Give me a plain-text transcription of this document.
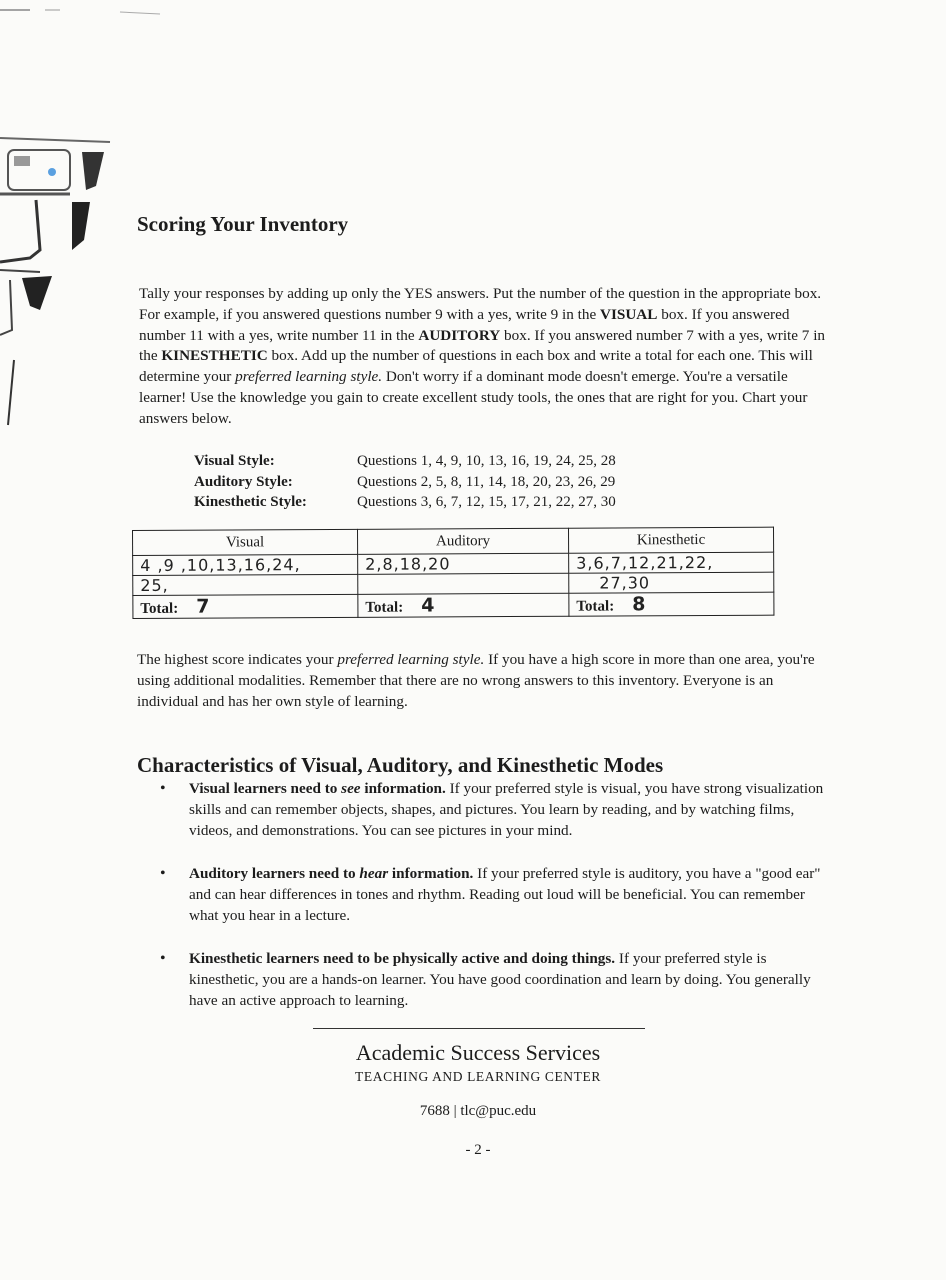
Scoring Your Inventory

Tally your responses by adding up only the YES answers. Put the number of the question in the appropriate box. For example, if you answered questions number 9 with a yes, write 9 in the VISUAL box. If you answered number 11 with a yes, write number 11 in the AUDITORY box. If you answered number 7 with a yes, write 7 in the KINESTHETIC box. Add up the number of questions in each box and write a total for each one. This will determine your preferred learning style. Don't worry if a dominant mode doesn't emerge. You're a versatile learner! Use the knowledge you gain to create excellent study tools, the ones that are right for you. Chart your answers below.

Visual Style:	Questions 1, 4, 9, 10, 13, 16, 19, 24, 25, 28
Auditory Style:	Questions 2, 5, 8, 11, 14, 18, 20, 23, 26, 29
Kinesthetic Style:	Questions 3, 6, 7, 12, 15, 17, 21, 22, 27, 30
Visual	Auditory	Kinesthetic
4 ,9 ,10,13,16,24,	2,8,18,20	3,6,7,12,21,22,
25,		27,30
Total: 7	Total: 4	Total: 8

The highest score indicates your preferred learning style. If you have a high score in more than one area, you're using additional modalities. Remember that there are no wrong answers to this inventory. Everyone is an individual and has her own style of learning.

Characteristics of Visual, Auditory, and Kinesthetic Modes
• Visual learners need to see information. If your preferred style is visual, you have strong visualization skills and can remember objects, shapes, and pictures. You learn by reading, and by watching films, videos, and demonstrations. You can see pictures in your mind.
• Auditory learners need to hear information. If your preferred style is auditory, you have a "good ear" and can hear differences in tones and rhythm. Reading out loud will be beneficial. You can remember what you hear in a lecture.
• Kinesthetic learners need to be physically active and doing things. If your preferred style is kinesthetic, you are a hands-on learner. You have good coordination and learn by doing. You generally have an active approach to learning.
Academic Success Services
TEACHING AND LEARNING CENTER
7688 | tlc@puc.edu
- 2 -
